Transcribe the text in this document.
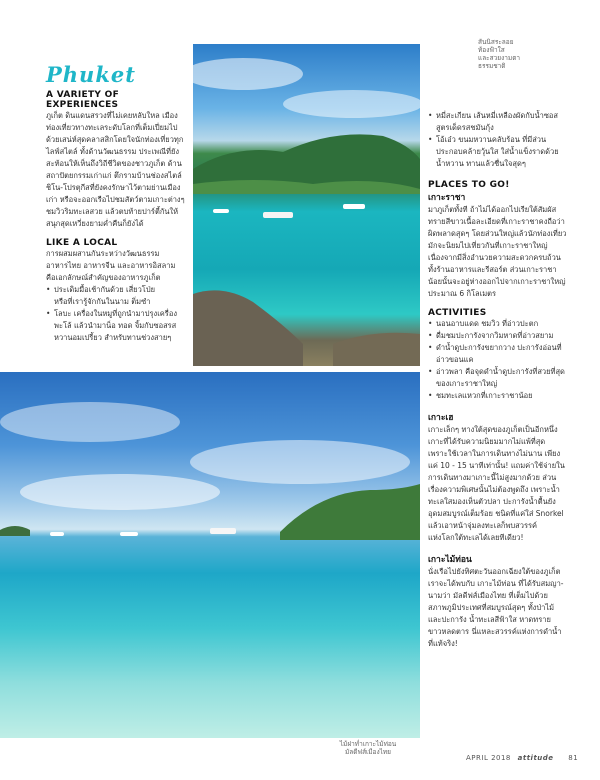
Phuket
A VARIETY OF EXPERIENCES

ภูเก็ต ดินแดนสรวงที่ไม่เคยหลับใหล เมือง

ท่องเที่ยวทางทะเลระดับโลกที่เต็มเปี่ยมไป

ด้วยเสน่ห์สุดคลาสสิกโดยใจนักท่องเที่ยวทุก

ไลฟ์สไตล์ ทั้งด้านวัฒนธรรม ประเพณีที่ยัง

สะท้อนให้เห็นถึงวิถีชีวิตของชาวภูเก็ต ด้าน

สถาปัตยกรรมเก่าแก่ ตึกรามบ้านช่องสไตล์

ชิโน-โปรตุกีสที่ยังคงรักษาไว้ตามย่านเมือง

เก่า หรือจะออกเรือไปชมสัตว์ตามเกาะต่างๆ

ชมวิวริมทะเลสวย แล้วตบท้ายปาร์ตี้กันให้

สนุกสุดเหวี่ยงยามค่ำคืนก็ยังได้

LIKE A LOCAL

การผสมผสานกันระหว่างวัฒนธรรม

อาหารไทย อาหารจีน และอาหารอิสลาม

คือเอกลักษณ์สำคัญของอาหารภูเก็ต

• ประเดิมมื้อเช้ากันด้วย เสี่ยวโป่ย
หรือที่เรารู้จักกันในนาม ติ่มซำ
• โลบะ เครื่องในหมูที่ถูกนำมาปรุงเครื่อง
พะโล้ แล้วนำมาน็อ ทอด จิ้มกับซอสรส
หวานอมเปรี้ยว สำหรับทานช่วงสายๆ
สันนิสระลอย
ท้องฟ้าใส
และสวยงามตาธรรมชาติ
• หมี่สะเกียน เส้นหมี่เหลืองผัดกับน้ำซอส
สูตรเด็ดรสชมันกุ้ง
• โอ้เอ๋ว ขนมหวานคลับร้อน ที่มีส่วน
ประกอบคล้ายวุ้นใส ใส่น้ำแข็งราดด้วย
น้ำหวาน ทานแล้วชื่นใจสุดๆ
PLACES TO GO!
เกาะราชา

มาภูเก็ตทั้งที ถ้าไม่ได้ออกไปเรียใต้สัมผัส

ทรายสีขาวเนื้อละเอียดที่เกาะราชาคงถือว่า

ผิดพลาดสุดๆ โดยส่วนใหญ่แล้วนักท่องเที่ยว

มักจะนิยมไปเที่ยวกันที่เกาะราชาใหญ่

เนื่องจากมีสิ่งอำนวยความสะดวกครบถ้วน

ทั้งร้านอาหารและรีสอร์ต ส่วนเกาะราชา

น้อยนั้นจะอยู่ห่างออกไปจากเกาะราชาใหญ่

ประมาณ 6 กิโลเมตร

ACTIVITIES
• นอนอาบแดด ชมวิว ที่อ่าวปะตก
• ดื่มชมปะการังจากวิมหาดที่อ่าวสยาม
• ดำน้ำดูปะการังขยากวาง ปะการังอ่อนที่
อ่าวขอนแค
• อ่าวพลา คือจุดดำน้ำดูปะการังที่สวยที่สุด
ของเกาะราชาใหญ่
• ชมทะเลแหวกที่เกาะราชาน้อย
เกาะเฮ

เกาะเล็กๆ ทางใต้สุดของภูเก็ตเป็นอีกหนึ่ง

เกาะที่ได้รับความนิยมมากไม่แพ้ที่สุด

เพราะใช้เวลาในการเดินทางไม่นาน เพียง

แค่ 10 - 15 นาทีเท่านั้น! แถมค่าใช้จ่ายใน

การเดินทางมาเกาะนี้ไม่สูงมากด้วย ส่วน

เรื่องความพิเศษนั้นไม่ต้องพูดถึง เพราะน้ำ

ทะเลใสมองเห็นตัวปลา ปะการังน้ำตื้นยัง

อุดมสมบูรณ์เต็มร้อย ชนิดที่แค่ใส่ Snorkel

แล้วเอาหน้าจุ่มลงทะเลก็พบสวรรค์

แห่งโลกใต้ทะเลได้เลยทีเดียว!

เกาะไม้ท่อน

นั่งเรือไปยังทิศตะวันออกเฉียงใต้ของภูเก็ต

เราจะได้พบกับ เกาะไม้ท่อน ที่ได้รับสมญา-

นามว่า มัลดีฟส์เมืองไทย ที่เต็มไปด้วย

สภาพภูมิประเทศที่สมบูรณ์สุดๆ ทั้งป่าไม้

และปะการัง น้ำทะเลสีฟ้าใส หาดทราย

ขาวหลดตาร นี่แหละสวรรค์แห่งการดำน้ำ

ที่แท้จริง!

ไม้ฝาท่ำเกาะไม้ท่อน
มัลดีฟส์เมืองไทย
APRIL 2018 attitude 81
